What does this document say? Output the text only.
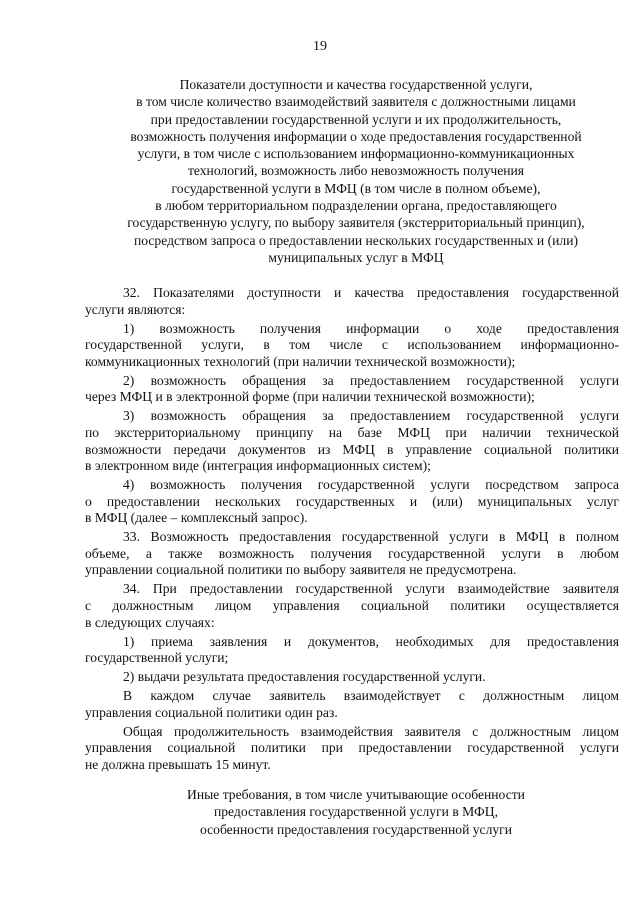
19
Показатели доступности и качества государственной услуги,
в том числе количество взаимодействий заявителя с должностными лицами
при предоставлении государственной услуги и их продолжительность,
возможность получения информации о ходе предоставления государственной
услуги, в том числе с использованием информационно-коммуникационных
технологий, возможность либо невозможность получения
государственной услуги в МФЦ (в том числе в полном объеме),
в любом территориальном подразделении органа, предоставляющего
государственную услугу, по выбору заявителя (экстерриториальный принцип),
посредством запроса о предоставлении нескольких государственных и (или)
муниципальных услуг в МФЦ
32. Показателями доступности и качества предоставления государственной
услуги являются:
1) возможность получения информации о ходе предоставления
государственной услуги, в том числе с использованием информационно-
коммуникационных технологий (при наличии технической возможности);
2) возможность обращения за предоставлением государственной услуги
через МФЦ и в электронной форме (при наличии технической возможности);
3) возможность обращения за предоставлением государственной услуги
по экстерриториальному принципу на базе МФЦ при наличии технической
возможности передачи документов из МФЦ в управление социальной политики
в электронном виде (интеграция информационных систем);
4) возможность получения государственной услуги посредством запроса
о предоставлении нескольких государственных и (или) муниципальных услуг
в МФЦ (далее – комплексный запрос).
33. Возможность предоставления государственной услуги в МФЦ в полном
объеме, а также возможность получения государственной услуги в любом
управлении социальной политики по выбору заявителя не предусмотрена.
34. При предоставлении государственной услуги взаимодействие заявителя
с должностным лицом управления социальной политики осуществляется
в следующих случаях:
1) приема заявления и документов, необходимых для предоставления
государственной услуги;
2) выдачи результата предоставления государственной услуги.
В каждом случае заявитель взаимодействует с должностным лицом
управления социальной политики один раз.
Общая продолжительность взаимодействия заявителя с должностным лицом
управления социальной политики при предоставлении государственной услуги
не должна превышать 15 минут.
Иные требования, в том числе учитывающие особенности
предоставления государственной услуги в МФЦ,
особенности предоставления государственной услуги
